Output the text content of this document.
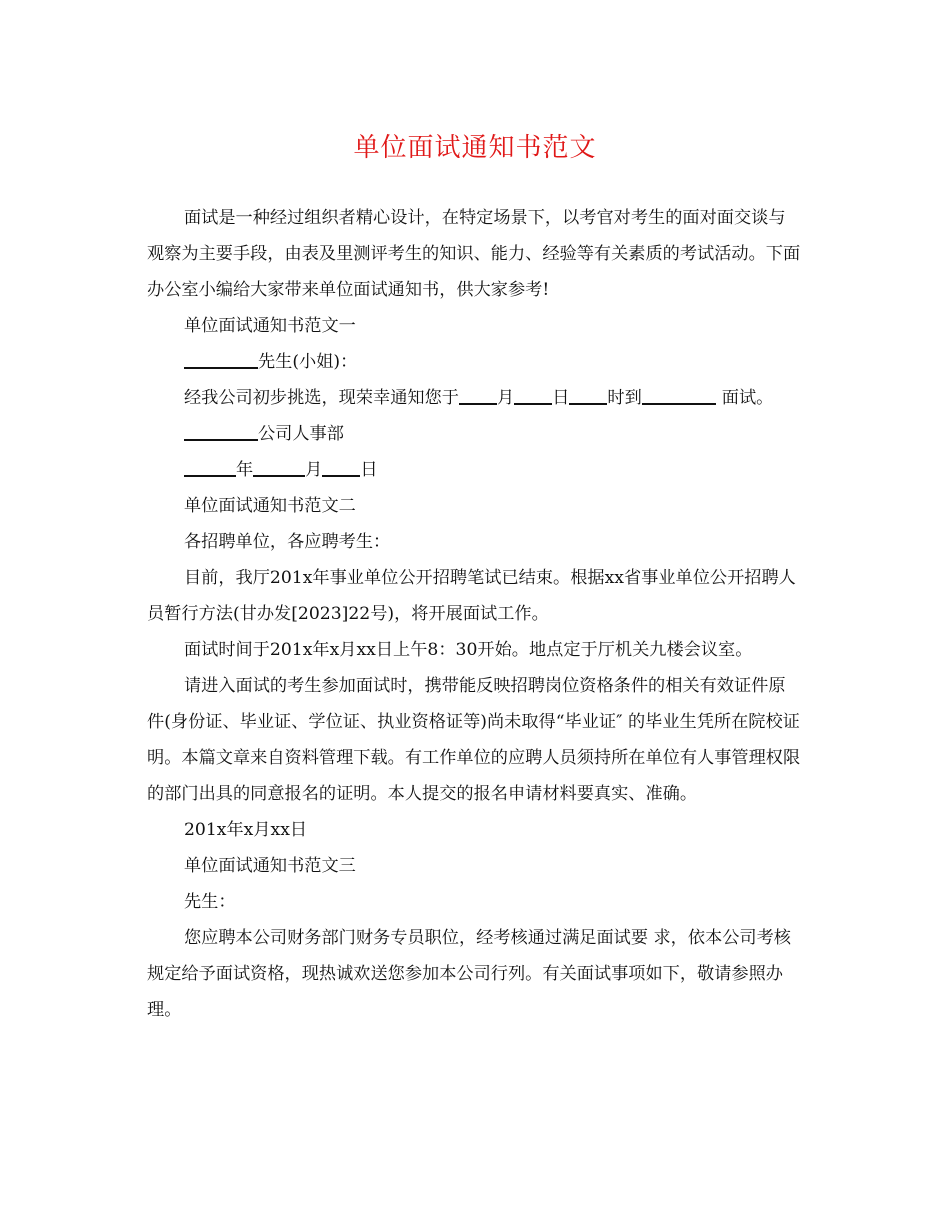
单位面试通知书范文

面试是一种经过组织者精心设计，在特定场景下，以考官对考生的面对面交谈与观察为主要手段，由表及里测评考生的知识、能力、经验等有关素质的考试活动。下面办公室小编给大家带来单位面试通知书，供大家参考!

单位面试通知书范文一

先生(小姐)：

经我公司初步挑选，现荣幸通知您于 月 日 时到	面试。

公司人事部

年	月 日

单位面试通知书范文二

各招聘单位，各应聘考生：

目前，我厅201x年事业单位公开招聘笔试已结束。根据xx省事业单位公开招聘人员暂行方法(甘办发[2023]22号)，将开展面试工作。

面试时间于201x年x月xx日上午8：30开始。地点定于厅机关九楼会议室。

请进入面试的考生参加面试时，携带能反映招聘岗位资格条件的相关有效证件原件(身份证、毕业证、学位证、执业资格证等)尚未取得“毕业证″ 的毕业生凭所在院校证明。本篇文章来自资料管理下载。有工作单位的应聘人员须持所在单位有人事管理权限的部门出具的同意报名的证明。本人提交的报名申请材料要真实、准确。

201x年x月xx日

单位面试通知书范文三

先生：

您应聘本公司财务部门财务专员职位，经考核通过满足面试要 求，依本公司考核规定给予面试资格，现热诚欢送您参加本公司行列。有关面试事项如下，敬请参照办理。
